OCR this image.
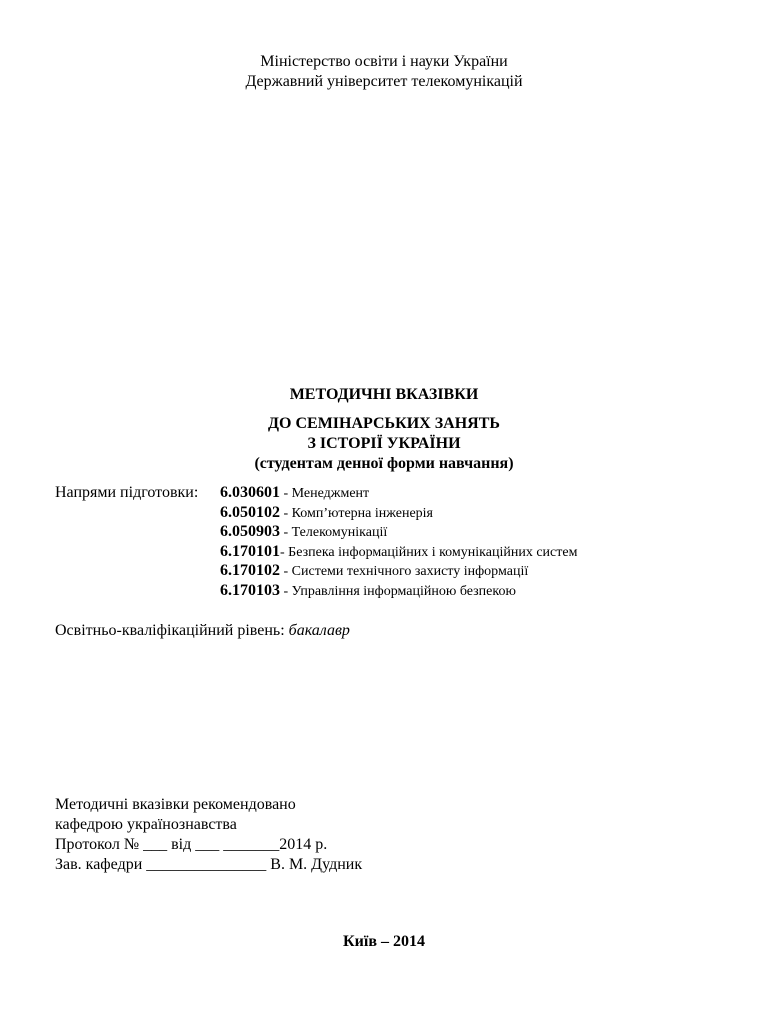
Міністерство освіти і науки України
Державний університет телекомунікацій
МЕТОДИЧНІ ВКАЗІВКИ
ДО СЕМІНАРСЬКИХ ЗАНЯТЬ
З ІСТОРІЇ УКРАЇНИ
(студентам денної форми навчання)
Напрями підготовки: 6.030601 - Менеджмент
6.050102 - Комп’ютерна інженерія
6.050903 - Телекомунікації
6.170101- Безпека інформаційних і комунікаційних систем
6.170102 - Системи технічного захисту інформації
6.170103 - Управління інформаційною безпекою
Освітньо-кваліфікаційний рівень: бакалавр
Методичні вказівки рекомендовано
кафедрою українознавства
Протокол № ___ від ___ _______2014 р.
Зав. кафедри _______________ В. М. Дудник
Київ – 2014
